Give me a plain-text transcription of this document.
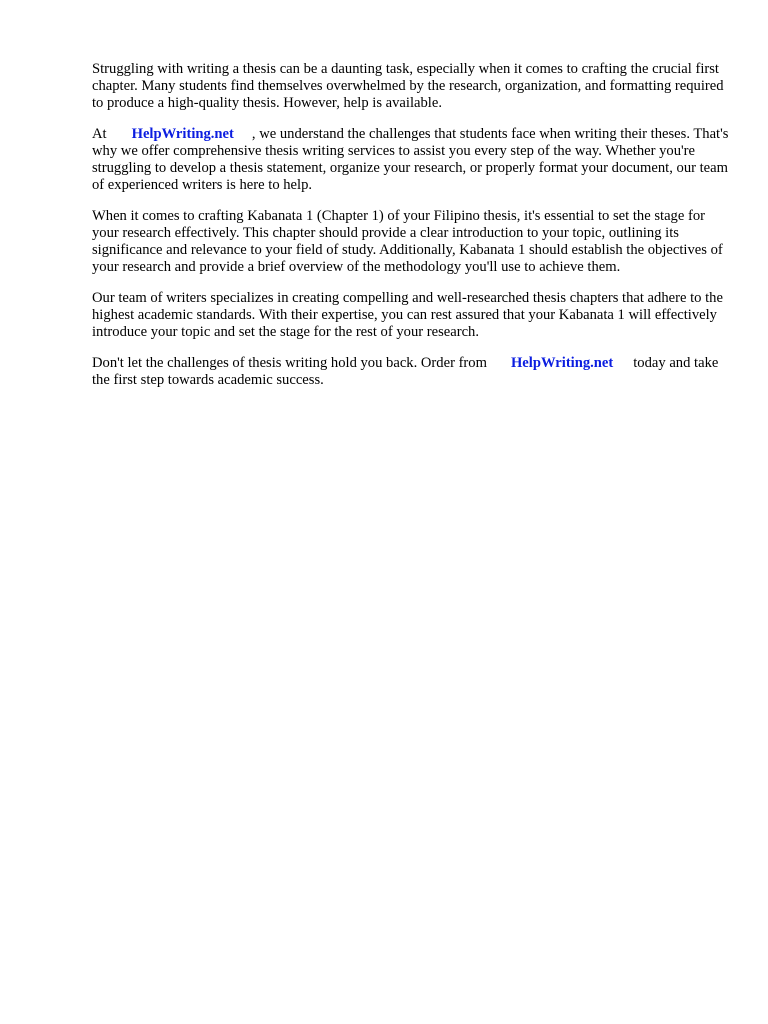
Struggling with writing a thesis can be a daunting task, especially when it comes to crafting the crucial first chapter. Many students find themselves overwhelmed by the research, organization, and formatting required to produce a high-quality thesis. However, help is available.

At HelpWriting.net , we understand the challenges that students face when writing their theses. That's why we offer comprehensive thesis writing services to assist you every step of the way. Whether you're struggling to develop a thesis statement, organize your research, or properly format your document, our team of experienced writers is here to help.

When it comes to crafting Kabanata 1 (Chapter 1) of your Filipino thesis, it's essential to set the stage for your research effectively. This chapter should provide a clear introduction to your topic, outlining its significance and relevance to your field of study. Additionally, Kabanata 1 should establish the objectives of your research and provide a brief overview of the methodology you'll use to achieve them.

Our team of writers specializes in creating compelling and well-researched thesis chapters that adhere to the highest academic standards. With their expertise, you can rest assured that your Kabanata 1 will effectively introduce your topic and set the stage for the rest of your research.

Don't let the challenges of thesis writing hold you back. Order from HelpWriting.net today and take the first step towards academic success.
